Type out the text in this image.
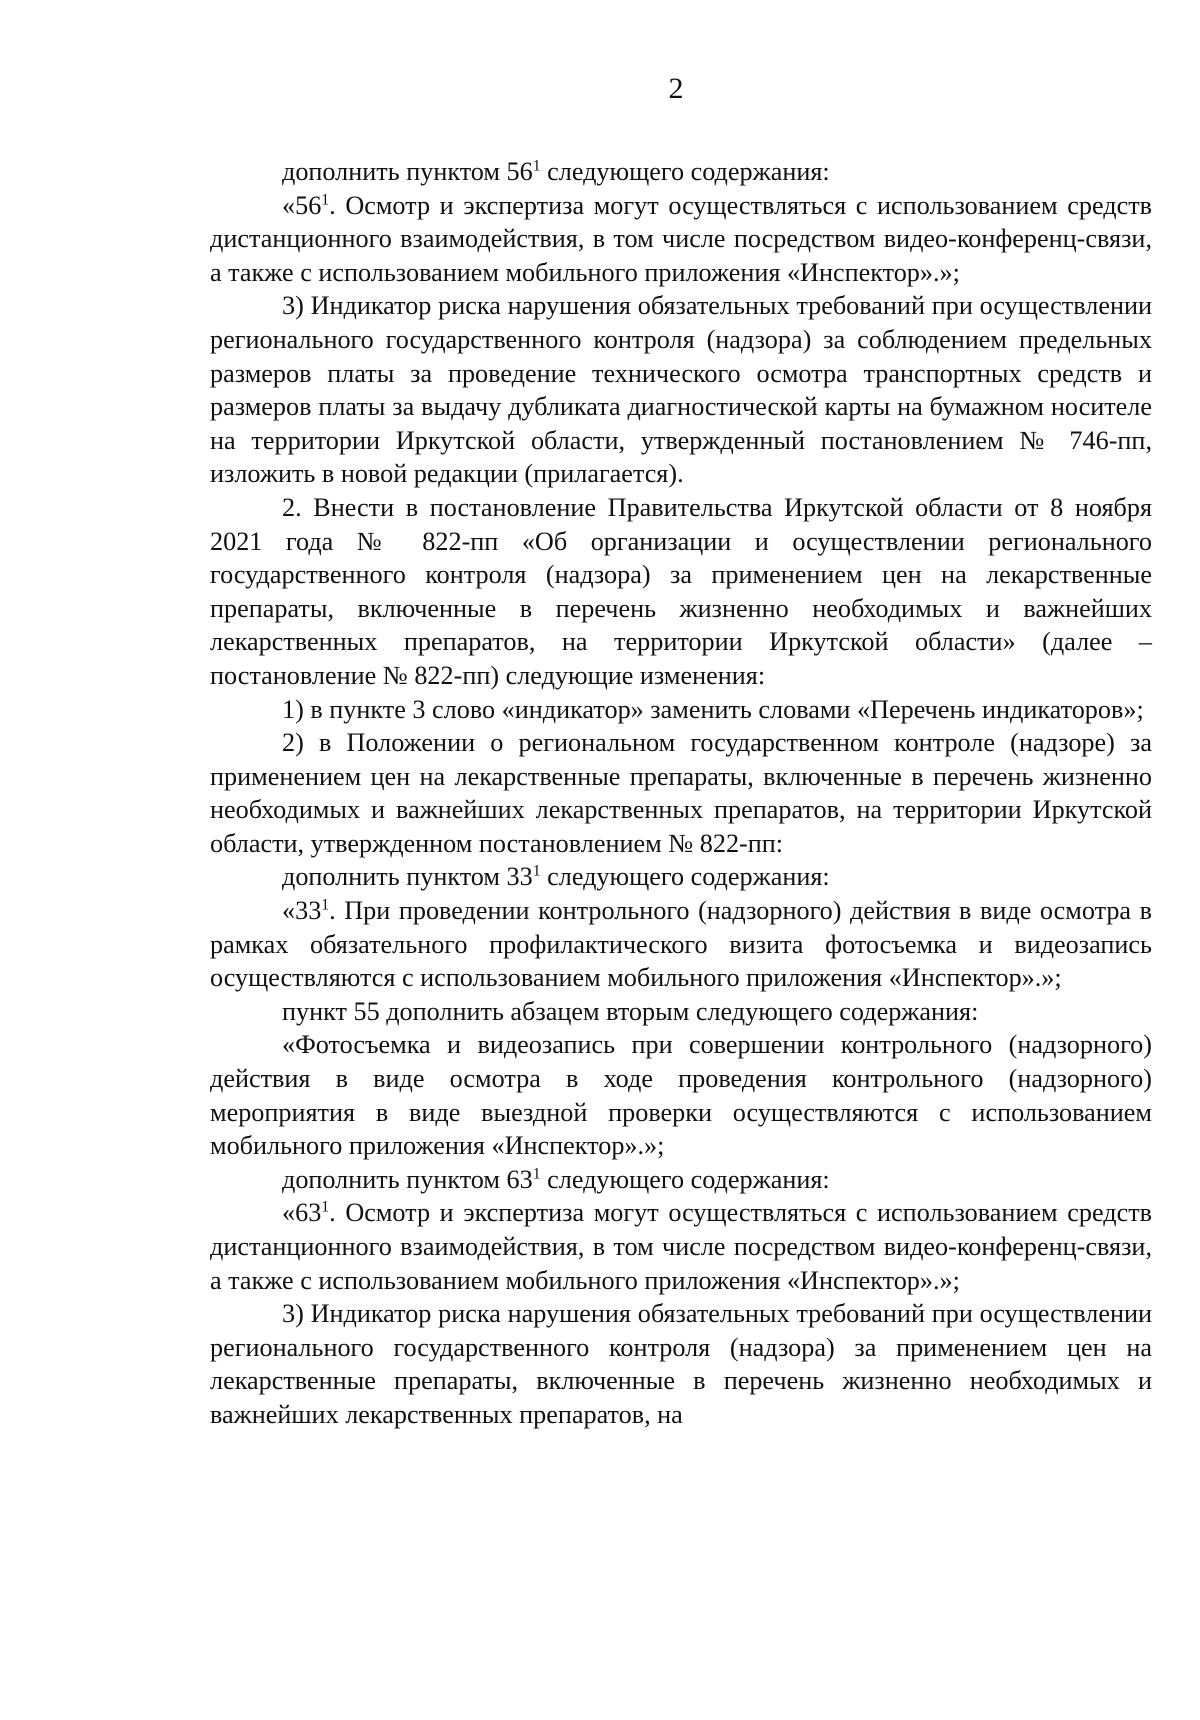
2

дополнить пунктом $56^1$ следующего содержания:

«$56^1$. Осмотр и экспертиза могут осуществляться с использованием средств дистанционного взаимодействия, в том числе посредством видео-конференц-связи, а также с использованием мобильного приложения «Инспектор».»;

3) Индикатор риска нарушения обязательных требований при осуществлении регионального государственного контроля (надзора) за соблюдением предельных размеров платы за проведение технического осмотра транспортных средств и размеров платы за выдачу дубликата диагностической карты на бумажном носителе на территории Иркутской области, утвержденный постановлением № 746-пп, изложить в новой редакции (прилагается).

2. Внести в постановление Правительства Иркутской области от 8 ноября 2021 года № 822-пп «Об организации и осуществлении регионального государственного контроля (надзора) за применением цен на лекарственные препараты, включенные в перечень жизненно необходимых и важнейших лекарственных препаратов, на территории Иркутской области» (далее – постановление № 822-пп) следующие изменения:

1) в пункте 3 слово «индикатор» заменить словами «Перечень индикаторов»;

2) в Положении о региональном государственном контроле (надзоре) за применением цен на лекарственные препараты, включенные в перечень жизненно необходимых и важнейших лекарственных препаратов, на территории Иркутской области, утвержденном постановлением № 822-пп:

дополнить пунктом $33^1$ следующего содержания:

«$33^1$. При проведении контрольного (надзорного) действия в виде осмотра в рамках обязательного профилактического визита фотосъемка и видеозапись осуществляются с использованием мобильного приложения «Инспектор».»;

пункт 55 дополнить абзацем вторым следующего содержания:

«Фотосъемка и видеозапись при совершении контрольного (надзорного) действия в виде осмотра в ходе проведения контрольного (надзорного) мероприятия в виде выездной проверки осуществляются с использованием мобильного приложения «Инспектор».»;

дополнить пунктом $63^1$ следующего содержания:

«$63^1$. Осмотр и экспертиза могут осуществляться с использованием средств дистанционного взаимодействия, в том числе посредством видео-конференц-связи, а также с использованием мобильного приложения «Инспектор».»;

3) Индикатор риска нарушения обязательных требований при осуществлении регионального государственного контроля (надзора) за применением цен на лекарственные препараты, включенные в перечень жизненно необходимых и важнейших лекарственных препаратов, на
